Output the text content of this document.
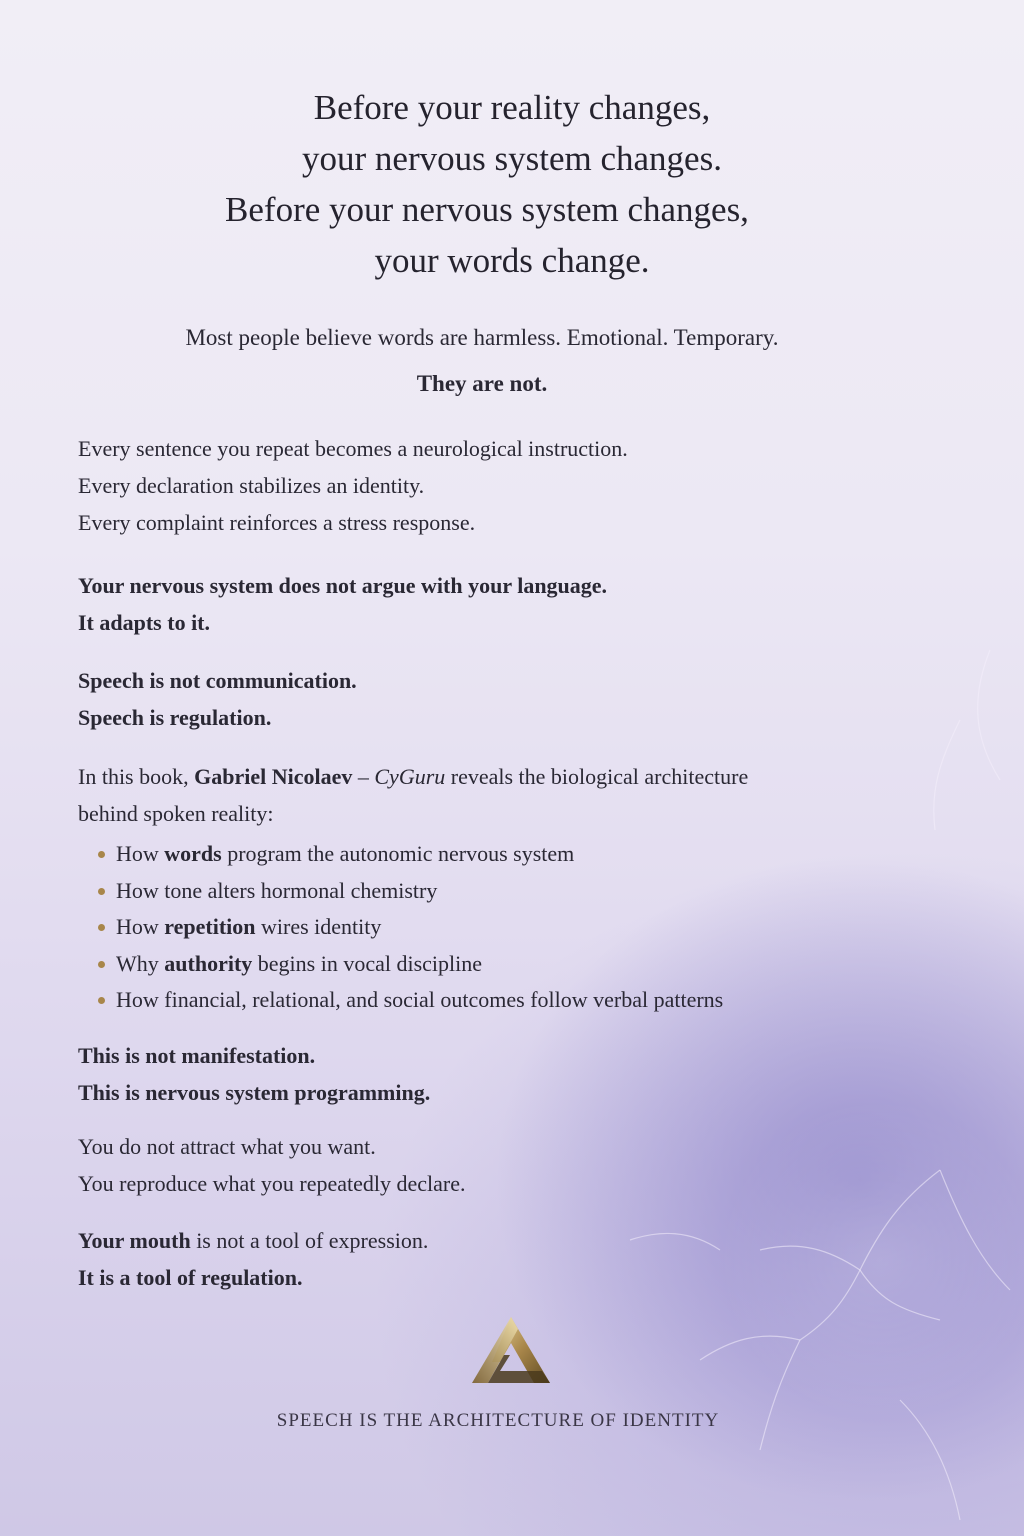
Before your reality changes,
your nervous system changes.
Before your nervous system changes,
your words change.
Most people believe words are harmless. Emotional. Temporary.
They are not.

Every sentence you repeat becomes a neurological instruction.

Every declaration stabilizes an identity.

Every complaint reinforces a stress response.

Your nervous system does not argue with your language.

It adapts to it.

Speech is not communication.

Speech is regulation.

In this book, Gabriel Nicolaev – CyGuru reveals the biological architecture

behind spoken reality:

How words program the autonomic nervous system
How tone alters hormonal chemistry
How repetition wires identity
Why authority begins in vocal discipline
How financial, relational, and social outcomes follow verbal patterns

This is not manifestation.

This is nervous system programming.

You do not attract what you want.

You reproduce what you repeatedly declare.

Your mouth is not a tool of expression.

It is a tool of regulation.

SPEECH IS THE ARCHITECTURE OF IDENTITY
